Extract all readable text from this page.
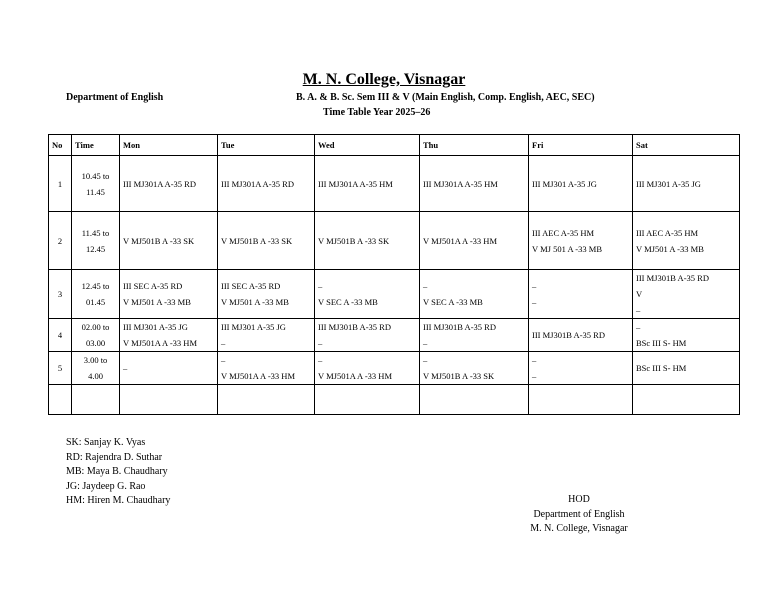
M. N. College, Visnagar
Department of English	B. A. & B. Sc. Sem III & V (Main English, Comp. English, AEC, SEC)
Time Table Year 2025–26
No	Time	Mon	Tue	Wed	Thu	Fri	Sat
1	10.45 to
11.45	III MJ301A A-35 RD	III MJ301A A-35 RD	III MJ301A A-35 HM	III MJ301A A-35 HM	III MJ301 A-35 JG	III MJ301 A-35 JG

2	11.45 to
12.45	V MJ501B A -33 SK	V MJ501B A -33 SK	V MJ501B A -33 SK	V MJ501A A -33 HM	III AEC A-35 HM
V MJ 501 A -33 MB	III AEC A-35 HM
V MJ501 A -33 MB

3	12.45 to
01.45	III SEC A-35 RD
V MJ501 A -33 MB	III SEC A-35 RD
V MJ501 A -33 MB	–
V SEC A -33 MB	–
V SEC A -33 MB	–
–	III MJ301B A-35 RD
V
–

4	02.00 to
03.00	III MJ301 A-35 JG
V MJ501A A -33 HM	III MJ301 A-35 JG
–	III MJ301B A-35 RD
–	III MJ301B A-35 RD
–	III MJ301B A-35 RD	–
BSc III S- HM

5	3.00 to
4.00	–	–
V MJ501A A -33 HM	–
V MJ501A A -33 HM	–
V MJ501B A -33 SK	–
–	BSc III S- HM

SK: Sanjay K. Vyas
RD: Rajendra D. Suthar
MB: Maya B. Chaudhary
JG: Jaydeep G. Rao
HM: Hiren M. Chaudhary	HOD
Department of English
M. N. College, Visnagar
